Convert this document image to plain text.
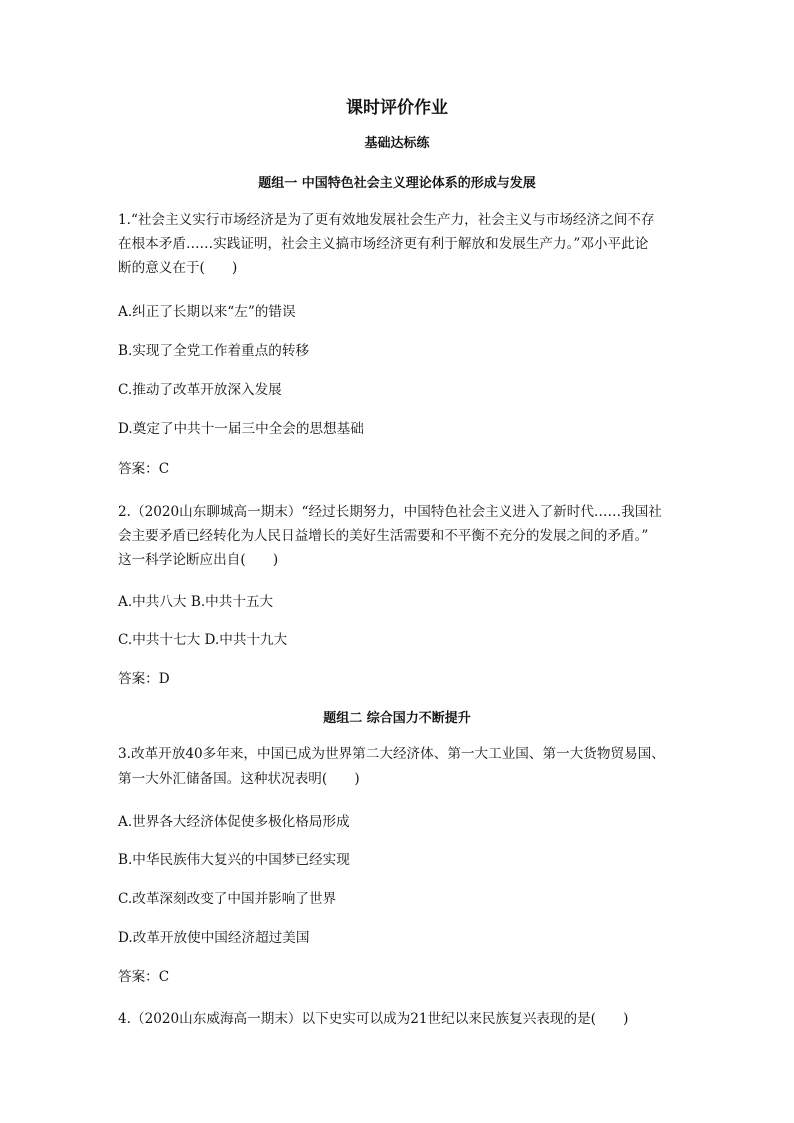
课时评价作业
基础达标练
题组一 中国特色社会主义理论体系的形成与发展

1.“社会主义实行市场经济是为了更有效地发展社会生产力，社会主义与市场经济之间不存

在根本矛盾……实践证明，社会主义搞市场经济更有利于解放和发展生产力。”邓小平此论

断的意义在于(　　)

A.纠正了长期以来“左”的错误

B.实现了全党工作着重点的转移

C.推动了改革开放深入发展

D.奠定了中共十一届三中全会的思想基础

答案：C

2.（2020山东聊城高一期末）“经过长期努力，中国特色社会主义进入了新时代……我国社

会主要矛盾已经转化为人民日益增长的美好生活需要和不平衡不充分的发展之间的矛盾。”

这一科学论断应出自(　　)

A.中共八大 B.中共十五大

C.中共十七大 D.中共十九大

答案：D

题组二 综合国力不断提升

3.改革开放40多年来，中国已成为世界第二大经济体、第一大工业国、第一大货物贸易国、

第一大外汇储备国。这种状况表明(　　)

A.世界各大经济体促使多极化格局形成

B.中华民族伟大复兴的中国梦已经实现

C.改革深刻改变了中国并影响了世界

D.改革开放使中国经济超过美国

答案：C

4.（2020山东威海高一期末）以下史实可以成为21世纪以来民族复兴表现的是(　　)
